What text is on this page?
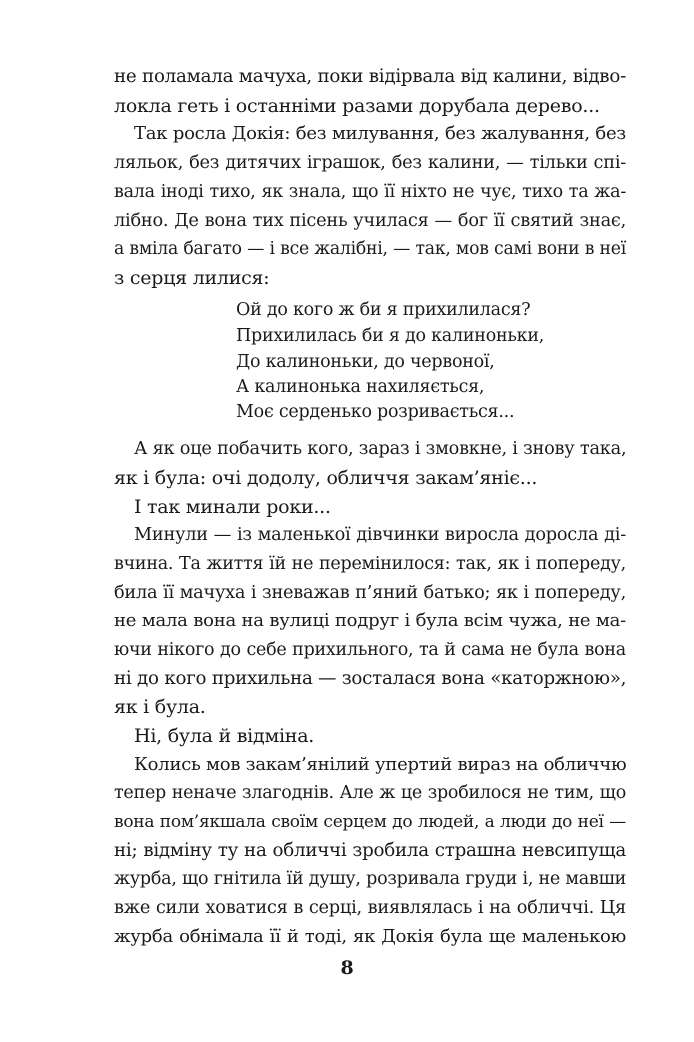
не поламала мачуха, поки відірвала від калини, відво-
локла геть і останніми разами дорубала дерево...
Так росла Докія: без милування, без жалування, без
ляльок, без дитячих іграшок, без калини, — тільки спі-
вала іноді тихо, як знала, що її ніхто не чує, тихо та жа-
лібно. Де вона тих пісень училася — бог її святий знає,
а вміла багато — і все жалібні, — так, мов самі вони в неї
з серця лилися:
Ой до кого ж би я прихилилася?
Прихилилась би я до калиноньки,
До калиноньки, до червоної,
А калинонька нахиляється,
Моє серденько розривається...
А як оце побачить кого, зараз і змовкне, і знову така,
як і була: очі додолу, обличчя закам’яніє...
І так минали роки...
Минули — із маленької дівчинки виросла доросла ді-
вчина. Та життя їй не перемінилося: так, як і попереду,
била її мачуха і зневажав п’яний батько; як і попереду,
не мала вона на вулиці подруг і була всім чужа, не ма-
ючи нікого до себе прихильного, та й сама не була вона
ні до кого прихильна — зосталася вона «каторжною»,
як і була.
Ні, була й відміна.
Колись мов закам’янілий упертий вираз на обличчю
тепер неначе злагоднів. Але ж це зробилося не тим, що
вона пом’якшала своїм серцем до людей, а люди до неї —
ні; відміну ту на обличчі зробила страшна невсипуща
журба, що гнітила їй душу, розривала груди і, не мавши
вже сили ховатися в серці, виявлялась і на обличчі. Ця
журба обнімала її й тоді, як Докія була ще маленькою
8
